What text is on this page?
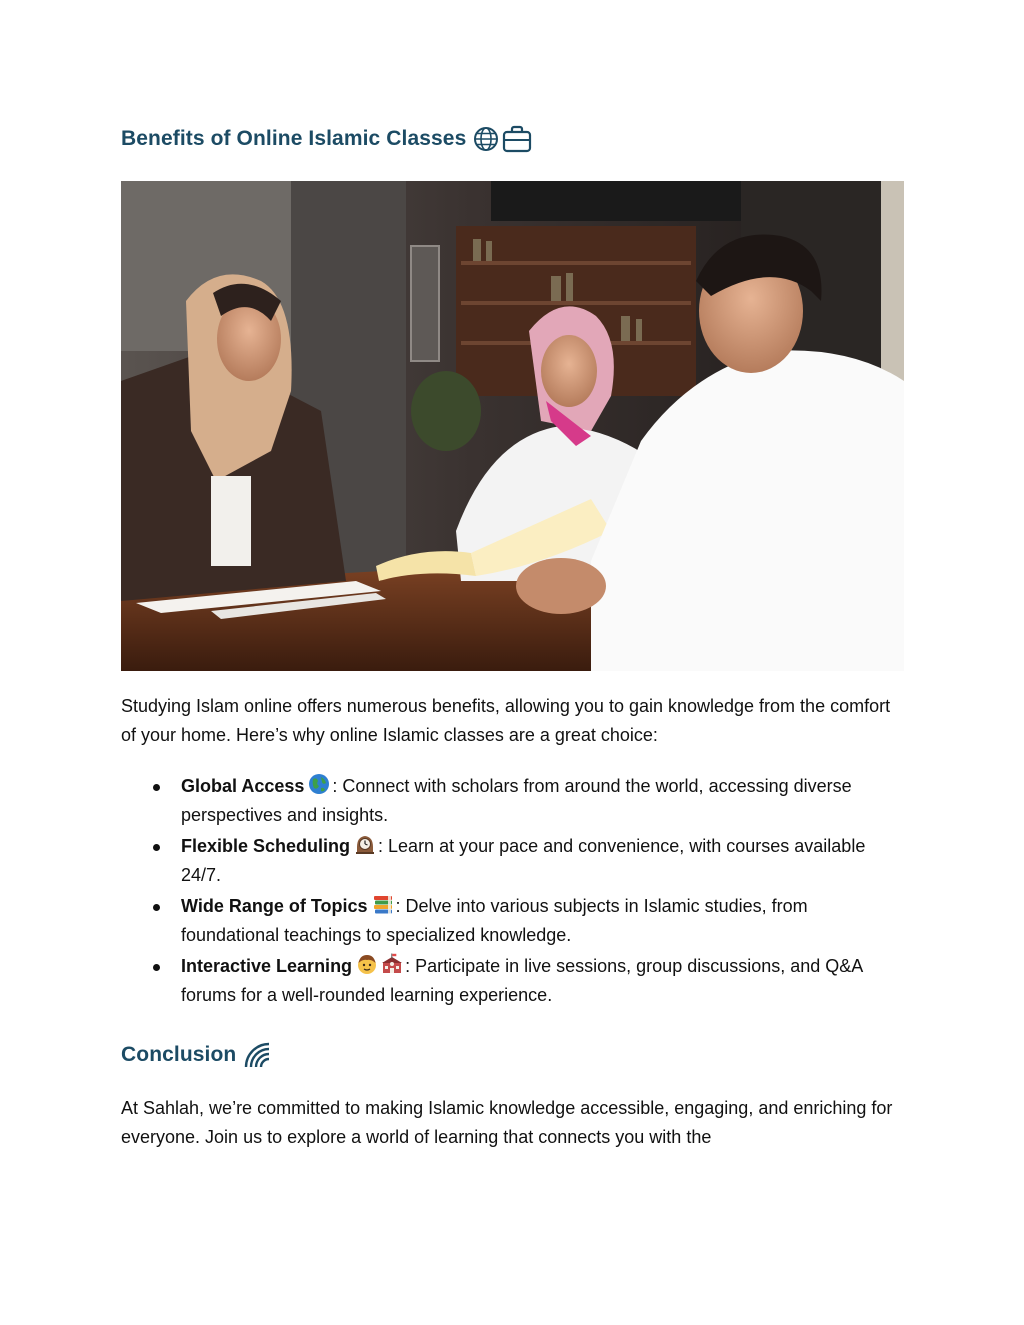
Benefits of Online Islamic Classes

Studying Islam online offers numerous benefits, allowing you to gain knowledge from the comfort of your home. Here’s why online Islamic classes are a great choice:

Global Access : Connect with scholars from around the world, accessing diverse perspectives and insights.
Flexible Scheduling : Learn at your pace and convenience, with courses available 24/7.
Wide Range of Topics : Delve into various subjects in Islamic studies, from foundational teachings to specialized knowledge.
Interactive Learning	: Participate in live sessions, group discussions, and Q&A forums for a well-rounded learning experience.
Conclusion

At Sahlah, we’re committed to making Islamic knowledge accessible, engaging, and enriching for everyone. Join us to explore a world of learning that connects you with the
